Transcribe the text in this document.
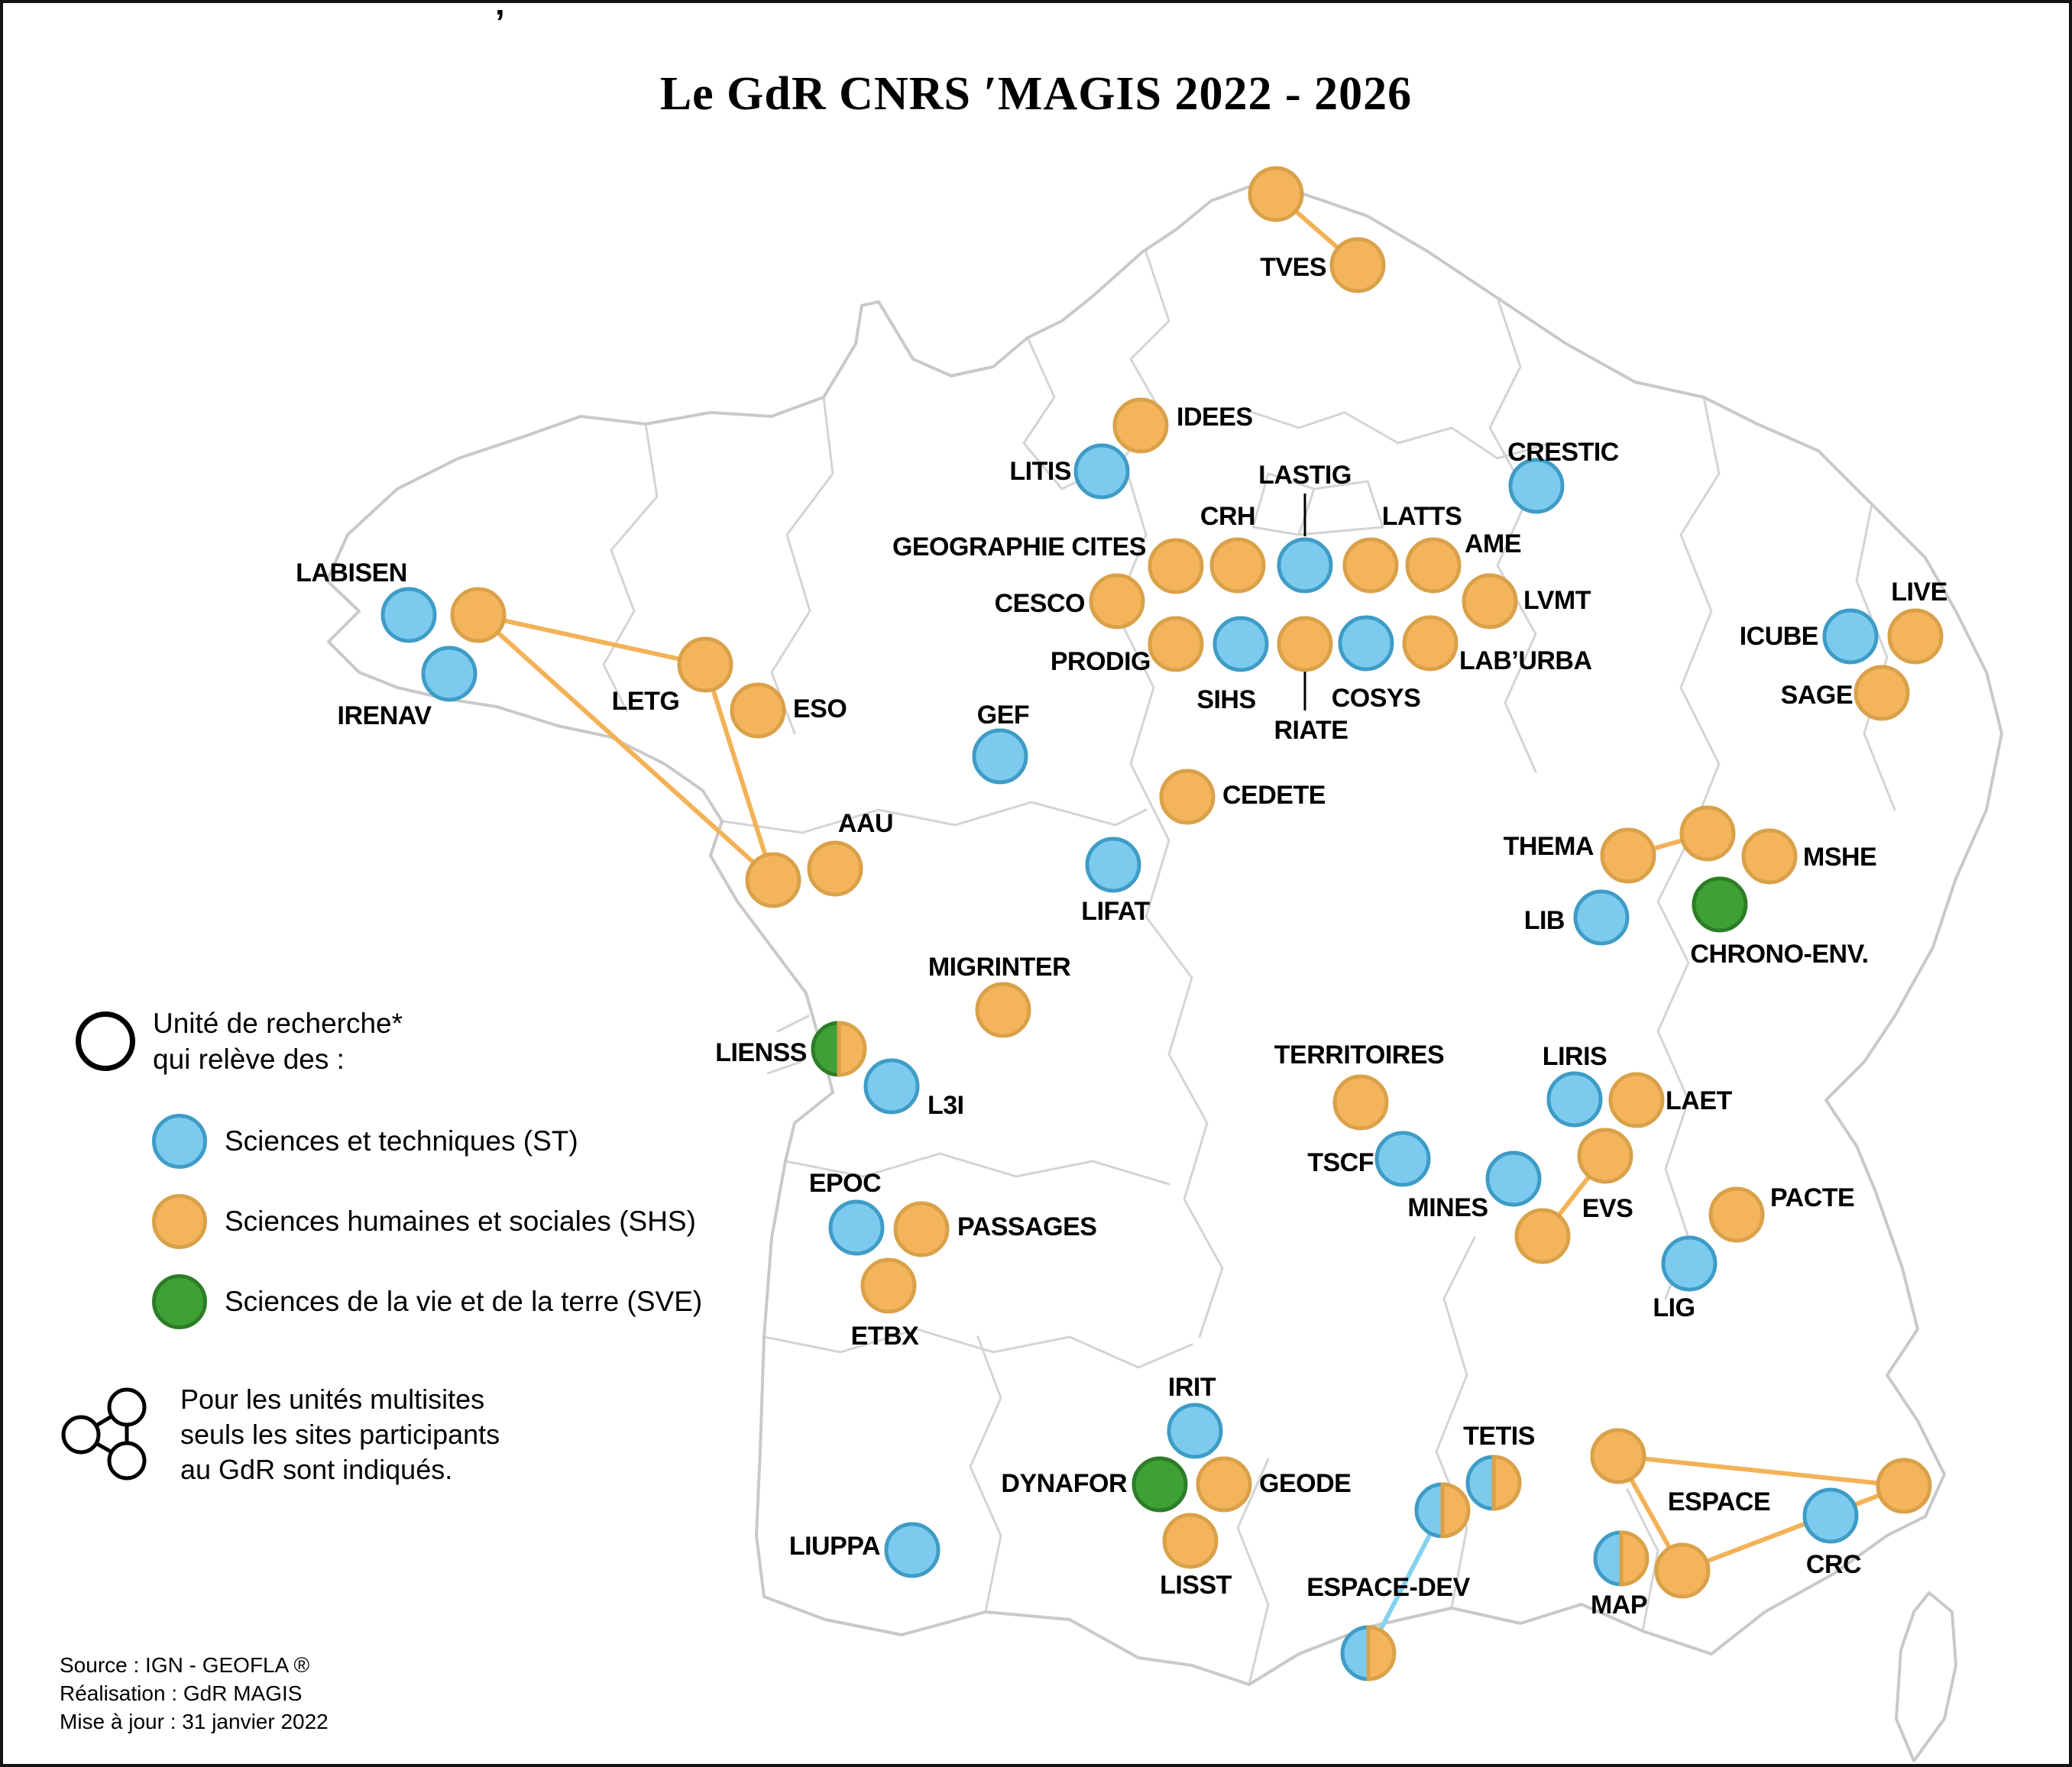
TVES
IDEES
LITIS
CRESTIC
LASTIG
CRH	LATTS
AME
GEOGRAPHIE CITES
CESCO	LVMT
PRODIG
SIHS
RIATE
COSYS
LAB’URBA
LABISEN
IRENAV	LETG	ESO
AAU
GEF
CEDETE
LIFAT
MIGRINTER
ICUBE
LIVE
SAGE
THEMA	MSHE
LIB
CHRONO-ENV.
LIENSS
L3I
EPOC
PASSAGES
ETBX
TERRITOIRES
TSCF
MINES
LIRIS
LAET
EVS	PACTE
LIG
IRIT
DYNAFOR	GEODE
LISST
LIUPPA
TETIS
ESPACE-DEV
ESPACE
MAP
CRC
Le GdR CNRS ′MAGIS 2022 - 2026
’
Unité de recherche*
qui relève des :
Sciences et techniques (ST)
Sciences humaines et sociales (SHS)
Sciences de la vie et de la terre (SVE)
Pour les unités multisites
seuls les sites participants
au GdR sont indiqués.
Source : IGN - GEOFLA ®
Réalisation : GdR MAGIS
Mise à jour : 31 janvier 2022
